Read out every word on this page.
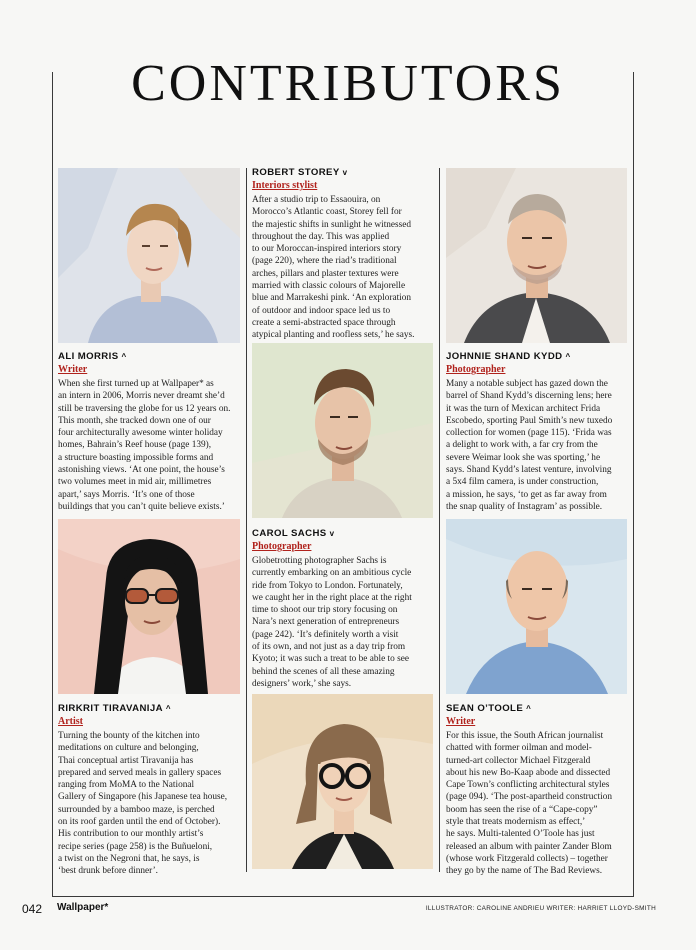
CONTRIBUTORS
ROBERT STOREY v
Interiors stylist
After a studio trip to Essaouira, on
Morocco’s Atlantic coast, Storey fell for
the majestic shifts in sunlight he witnessed
throughout the day. This was applied
to our Moroccan-inspired interiors story
(page 220), where the riad’s traditional
arches, pillars and plaster textures were
married with classic colours of Majorelle
blue and Marrakeshi pink. ‘An exploration
of outdoor and indoor space led us to
create a semi-abstracted space through
atypical planting and roofless sets,’ he says.
ALI MORRIS ^
Writer
When she first turned up at Wallpaper* as
an intern in 2006, Morris never dreamt she’d
still be traversing the globe for us 12 years on.
This month, she tracked down one of our
four architecturally awesome winter holiday
homes, Bahrain’s Reef house (page 139),
a structure boasting impossible forms and
astonishing views. ‘At one point, the house’s
two volumes meet in mid air, millimetres
apart,’ says Morris. ‘It’s one of those
buildings that you can’t quite believe exists.’
JOHNNIE SHAND KYDD ^
Photographer
Many a notable subject has gazed down the
barrel of Shand Kydd’s discerning lens; here
it was the turn of Mexican architect Frida
Escobedo, sporting Paul Smith’s new tuxedo
collection for women (page 115). ‘Frida was
a delight to work with, a far cry from the
severe Weimar look she was sporting,’ he
says. Shand Kydd’s latest venture, involving
a 5x4 film camera, is under construction,
a mission, he says, ‘to get as far away from
the snap quality of Instagram’ as possible.
CAROL SACHS v
Photographer
Globetrotting photographer Sachs is
currently embarking on an ambitious cycle
ride from Tokyo to London. Fortunately,
we caught her in the right place at the right
time to shoot our trip story focusing on
Nara’s next generation of entrepreneurs
(page 242). ‘It’s definitely worth a visit
of its own, and not just as a day trip from
Kyoto; it was such a treat to be able to see
behind the scenes of all these amazing
designers’ work,’ she says.
RIRKRIT TIRAVANIJA ^
Artist
Turning the bounty of the kitchen into
meditations on culture and belonging,
Thai conceptual artist Tiravanija has
prepared and served meals in gallery spaces
ranging from MoMA to the National
Gallery of Singapore (his Japanese tea house,
surrounded by a bamboo maze, is perched
on its roof garden until the end of October).
His contribution to our monthly artist’s
recipe series (page 258) is the Buñueloni,
a twist on the Negroni that, he says, is
‘best drunk before dinner’.
SEAN O’TOOLE ^
Writer
For this issue, the South African journalist
chatted with former oilman and model-
turned-art collector Michael Fitzgerald
about his new Bo-Kaap abode and dissected
Cape Town’s conflicting architectural styles
(page 094). ‘The post-apartheid construction
boom has seen the rise of a “Cape-copy”
style that treats modernism as effect,’
he says. Multi-talented O’Toole has just
released an album with painter Zander Blom
(whose work Fitzgerald collects) – together
they go by the name of The Bad Reviews.
042 Wallpaper*	ILLUSTRATOR: CAROLINE ANDRIEU WRITER: HARRIET LLOYD-SMITH
